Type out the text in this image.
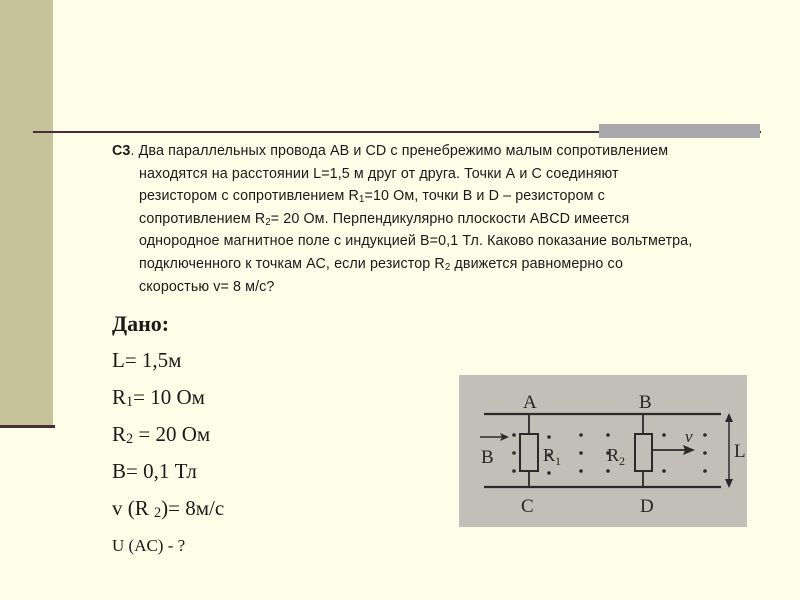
С3. Два параллельных провода АВ и CD с пренебрежимо малым сопротивлением
находятся на расстоянии L=1,5 м друг от друга. Точки А и С соединяют
резистором с сопротивлением $R_1=10$ Ом, точки В и D – резистором с
сопротивлением $R_2= 20$ Ом. Перпендикулярно плоскости ABCD имеется
однородное магнитное поле с индукцией В=0,1 Тл. Каково показание вольтметра,
подключенного к точкам АС, если резистор $R_2$ движется равномерно со
скоростью v= 8 м/с?
Дано:
L= 1,5м
$R_1= 10$ Ом
$R_2 = 20$ Ом
B= 0,1 Тл
v (R $_2$)= 8м/с
U (AC) - ?
A	B
B
C	D
$R_1$	$R_2$
v
L
